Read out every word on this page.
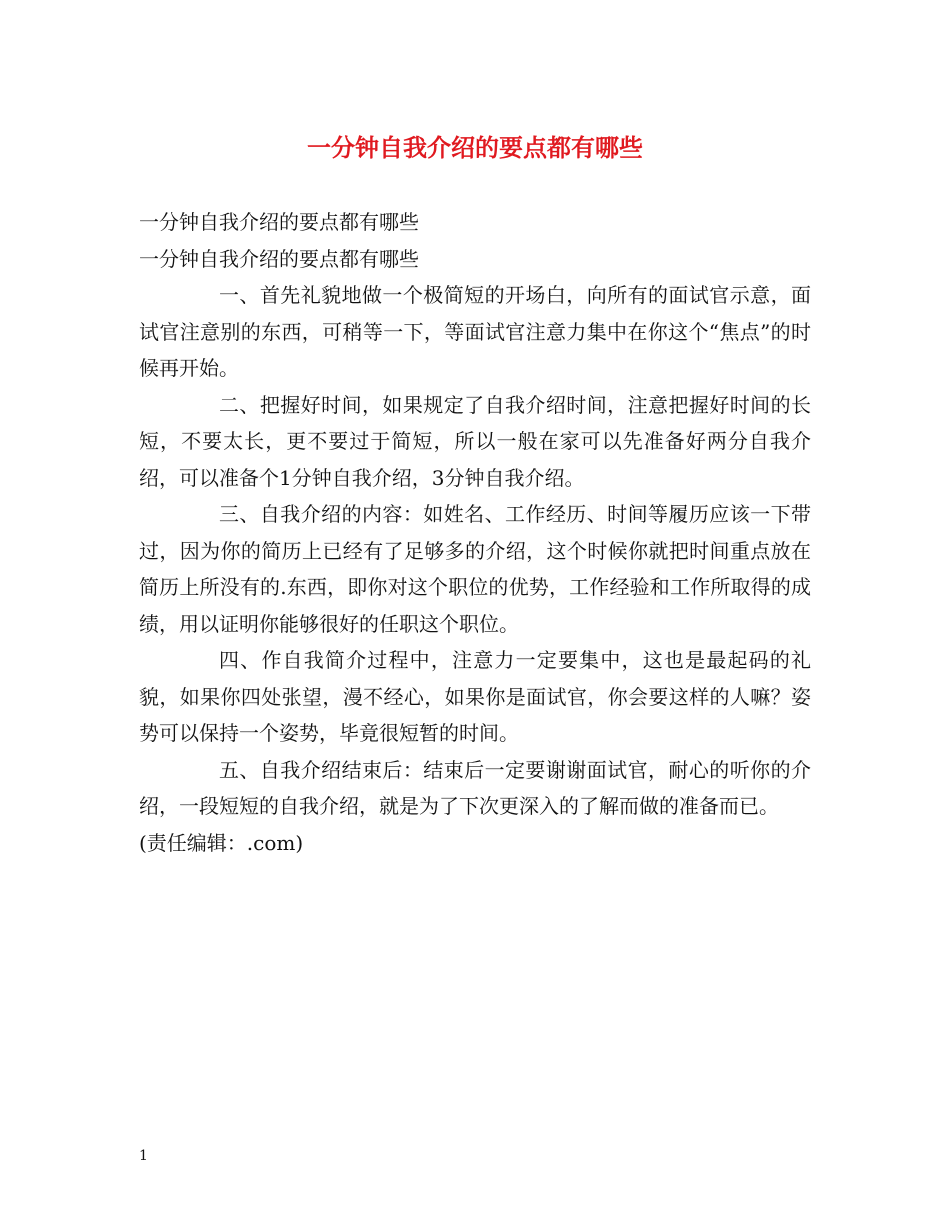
一分钟自我介绍的要点都有哪些

一分钟自我介绍的要点都有哪些

一分钟自我介绍的要点都有哪些

一、首先礼貌地做一个极简短的开场白，向所有的面试官示意，面试官注意别的东西，可稍等一下，等面试官注意力集中在你这个“焦点”的时候再开始。

二、把握好时间，如果规定了自我介绍时间，注意把握好时间的长短，不要太长，更不要过于简短，所以一般在家可以先准备好两分自我介绍，可以准备个1分钟自我介绍，3分钟自我介绍。

三、自我介绍的内容：如姓名、工作经历、时间等履历应该一下带过，因为你的简历上已经有了足够多的介绍，这个时候你就把时间重点放在简历上所没有的.东西，即你对这个职位的优势，工作经验和工作所取得的成绩，用以证明你能够很好的任职这个职位。

四、作自我简介过程中，注意力一定要集中，这也是最起码的礼貌，如果你四处张望，漫不经心，如果你是面试官，你会要这样的人嘛？姿势可以保持一个姿势，毕竟很短暂的时间。

五、自我介绍结束后：结束后一定要谢谢面试官，耐心的听你的介绍，一段短短的自我介绍，就是为了下次更深入的了解而做的准备而已。

(责任编辑：.com)

1
